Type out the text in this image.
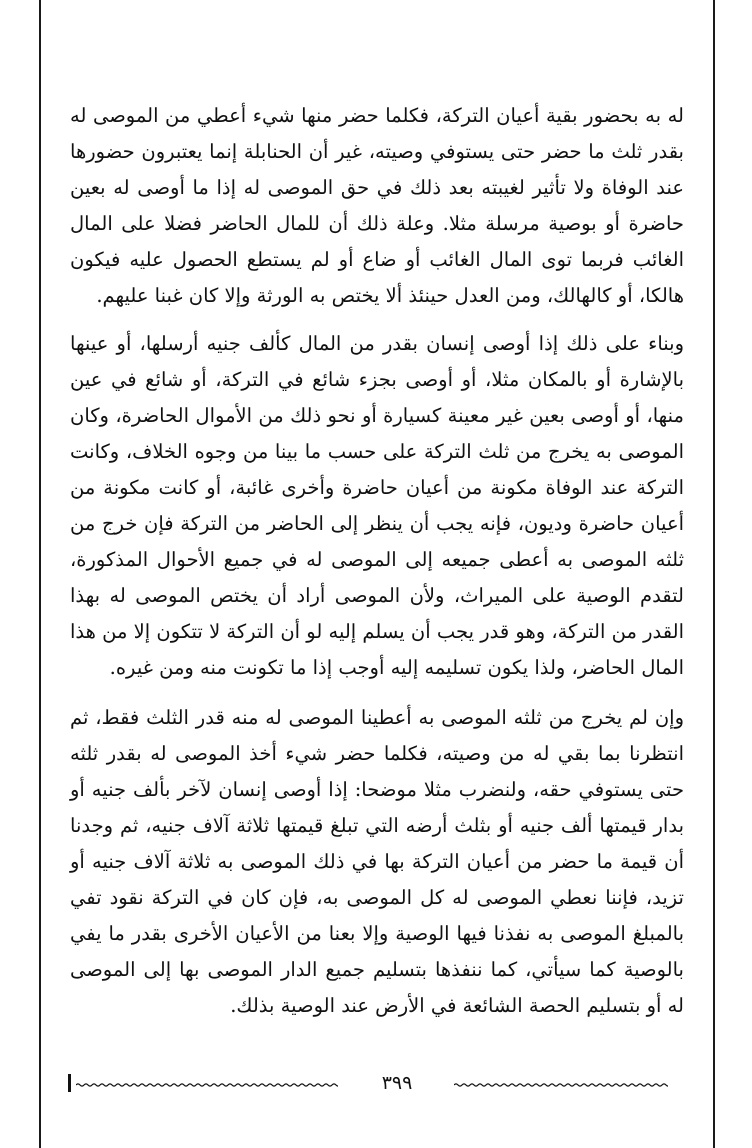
له به بحضور بقية أعيان التركة، فكلما حضر منها شيء أعطي من الموصى له بقدر ثلث ما حضر حتى يستوفي وصيته، غير أن الحنابلة إنما يعتبرون حضورها عند الوفاة ولا تأثير لغيبته بعد ذلك في حق الموصى له إذا ما أوصى له بعين حاضرة أو بوصية مرسلة مثلا. وعلة ذلك أن للمال الحاضر فضلا على المال الغائب فربما توى المال الغائب أو ضاع أو لم يستطع الحصول عليه فيكون هالكا، أو كالهالك، ومن العدل حينئذ ألا يختص به الورثة وإلا كان غبنا عليهم.

وبناء على ذلك إذا أوصى إنسان بقدر من المال كألف جنيه أرسلها، أو عينها بالإشارة أو بالمكان مثلا، أو أوصى بجزء شائع في التركة، أو شائع في عين منها، أو أوصى بعين غير معينة كسيارة أو نحو ذلك من الأموال الحاضرة، وكان الموصى به يخرج من ثلث التركة على حسب ما بينا من وجوه الخلاف، وكانت التركة عند الوفاة مكونة من أعيان حاضرة وأخرى غائبة، أو كانت مكونة من أعيان حاضرة وديون، فإنه يجب أن ينظر إلى الحاضر من التركة فإن خرج من ثلثه الموصى به أعطى جميعه إلى الموصى له في جميع الأحوال المذكورة، لتقدم الوصية على الميراث، ولأن الموصى أراد أن يختص الموصى له بهذا القدر من التركة، وهو قدر يجب أن يسلم إليه لو أن التركة لا تتكون إلا من هذا المال الحاضر، ولذا يكون تسليمه إليه أوجب إذا ما تكونت منه ومن غيره.

وإن لم يخرج من ثلثه الموصى به أعطينا الموصى له منه قدر الثلث فقط، ثم انتظرنا بما بقي له من وصيته، فكلما حضر شيء أخذ الموصى له بقدر ثلثه حتى يستوفي حقه، ولنضرب مثلا موضحا: إذا أوصى إنسان لآخر بألف جنيه أو بدار قيمتها ألف جنيه أو بثلث أرضه التي تبلغ قيمتها ثلاثة آلاف جنيه، ثم وجدنا أن قيمة ما حضر من أعيان التركة بها في ذلك الموصى به ثلاثة آلاف جنيه أو تزيد، فإننا نعطي الموصى له كل الموصى به، فإن كان في التركة نقود تفي بالمبلغ الموصى به نفذنا فيها الوصية وإلا بعنا من الأعيان الأخرى بقدر ما يفي بالوصية كما سيأتي، كما ننفذها بتسليم جميع الدار الموصى بها إلى الموصى له أو بتسليم الحصة الشائعة في الأرض عند الوصية بذلك.

٣٩٩
